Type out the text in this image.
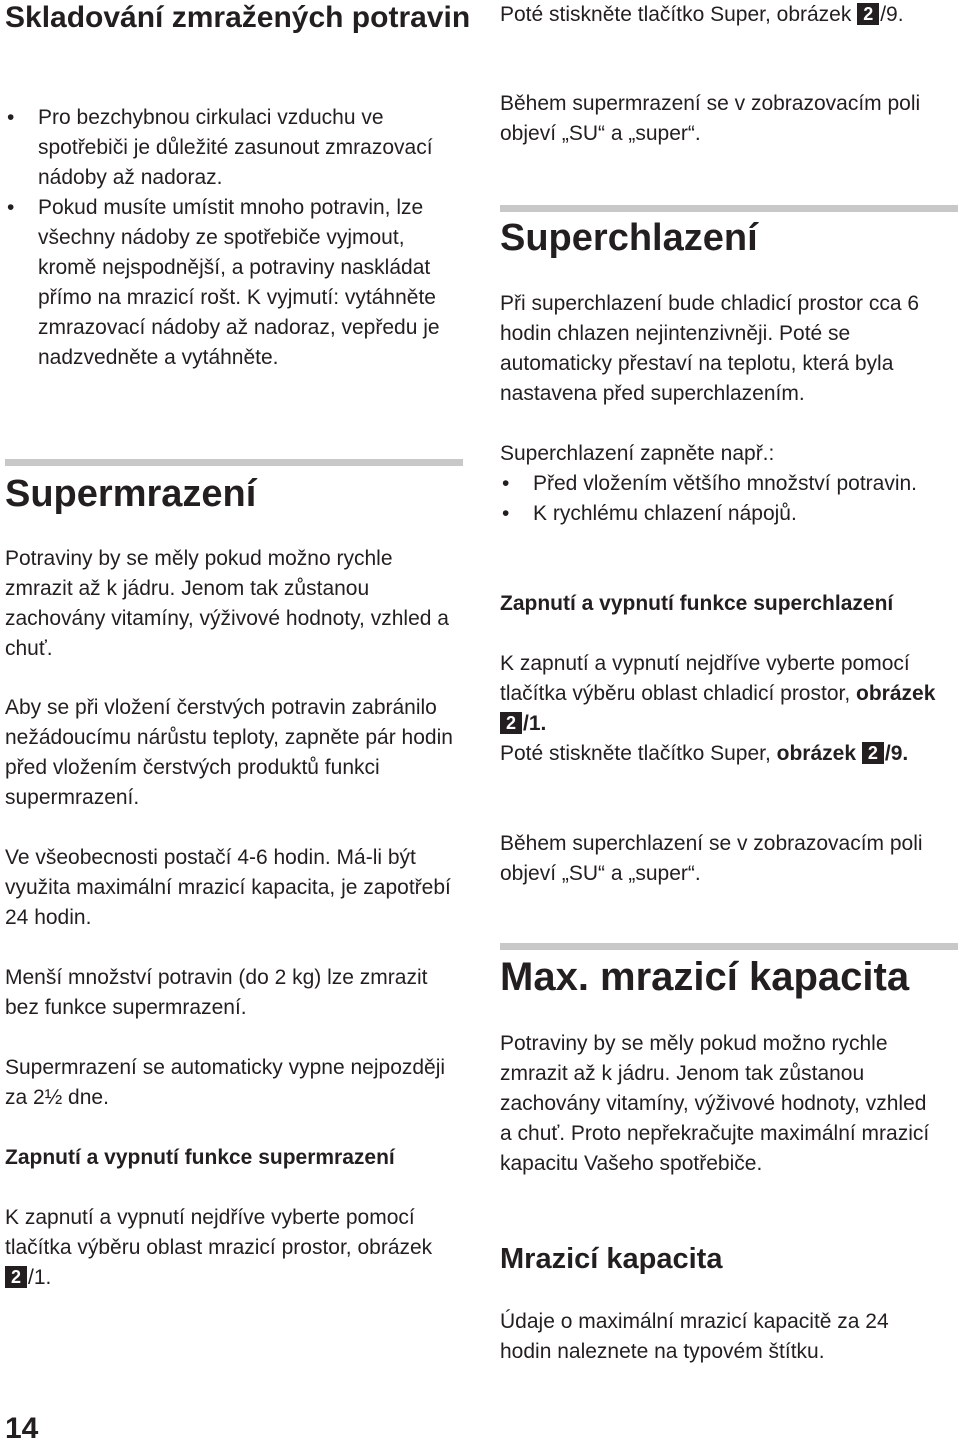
Skladování zmražených potravin
• Pro bezchybnou cirkulaci vzduchu ve spotřebiči je důležité zasunout zmrazovací nádoby až nadoraz.
• Pokud musíte umístit mnoho potravin, lze všechny nádoby ze spotřebiče vyjmout, kromě nejspodnější, a potraviny naskládat přímo na mrazicí rošt. K vyjmutí: vytáhněte zmrazovací nádoby až nadoraz, vepředu je nadzvedněte a vytáhněte.
Supermrazení

Potraviny by se měly pokud možno rychle zmrazit až k jádru. Jenom tak zůstanou zachovány vitamíny, výživové hodnoty, vzhled a chuť.

Aby se při vložení čerstvých potravin zabránilo nežádoucímu nárůstu teploty, zapněte pár hodin před vložením čerstvých produktů funkci supermrazení.

Ve všeobecnosti postačí 4-6 hodin. Má-li být využita maximální mrazicí kapacita, je zapotřebí 24 hodin.

Menší množství potravin (do 2 kg) lze zmrazit bez funkce supermrazení.

Supermrazení se automaticky vypne nejpozději za 2½ dne.

Zapnutí a vypnutí funkce supermrazení

K zapnutí a vypnutí nejdříve vyberte pomocí tlačítka výběru oblast mrazicí prostor, obrázek 2 /1.

14

Poté stiskněte tlačítko Super, obrázek 2 /9.

Během supermrazení se v zobrazovacím poli objeví „SU“ a „super“.

Superchlazení

Při superchlazení bude chladicí prostor cca 6 hodin chlazen nejintenzivněji. Poté se automaticky přestaví na teplotu, která byla nastavena před superchlazením.

Superchlazení zapněte např.:

• Před vložením většího množství potravin.
• K rychlému chlazení nápojů.

Zapnutí a vypnutí funkce superchlazení

K zapnutí a vypnutí nejdříve vyberte pomocí tlačítka výběru oblast chladicí prostor, obrázek 2 /1.

Poté stiskněte tlačítko Super, obrázek 2 /9.

Během superchlazení se v zobrazovacím poli objeví „SU“ a „super“.

Max. mrazicí kapacita

Potraviny by se měly pokud možno rychle zmrazit až k jádru. Jenom tak zůstanou zachovány vitamíny, výživové hodnoty, vzhled a chuť. Proto nepřekračujte maximální mrazicí kapacitu Vašeho spotřebiče.

Mrazicí kapacita

Údaje o maximální mrazicí kapacitě za 24 hodin naleznete na typovém štítku.
